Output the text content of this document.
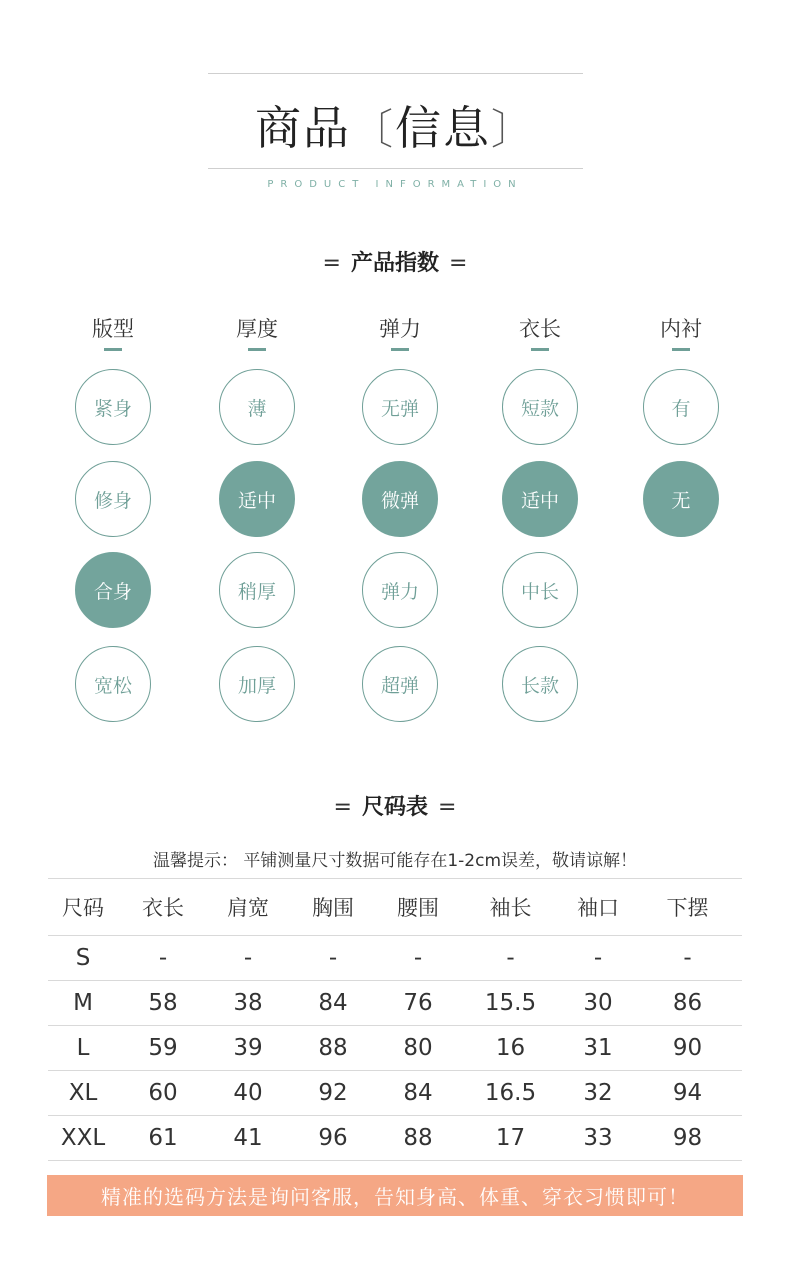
商品〔信息〕
PRODUCT INFORMATION
= 产品指数 =
版型
紧身
修身
合身
宽松
厚度
薄
适中
稍厚
加厚
弹力
无弹
微弹
弹力
超弹
衣长
短款
适中
中长
长款
内衬
有
无
= 尺码表 =
温馨提示： 平铺测量尺寸数据可能存在1-2cm误差，敬请谅解！
尺码	衣长	肩宽	胸围	腰围	袖长	袖口	下摆
S	-	-	-	-	-	-	-
M	58	38	84	76	15.5	30	86
L	59	39	88	80	16	31	90
XL	60	40	92	84	16.5	32	94
XXL	61	41	96	88	17	33	98
精准的选码方法是询问客服，告知身高、体重、穿衣习惯即可！
